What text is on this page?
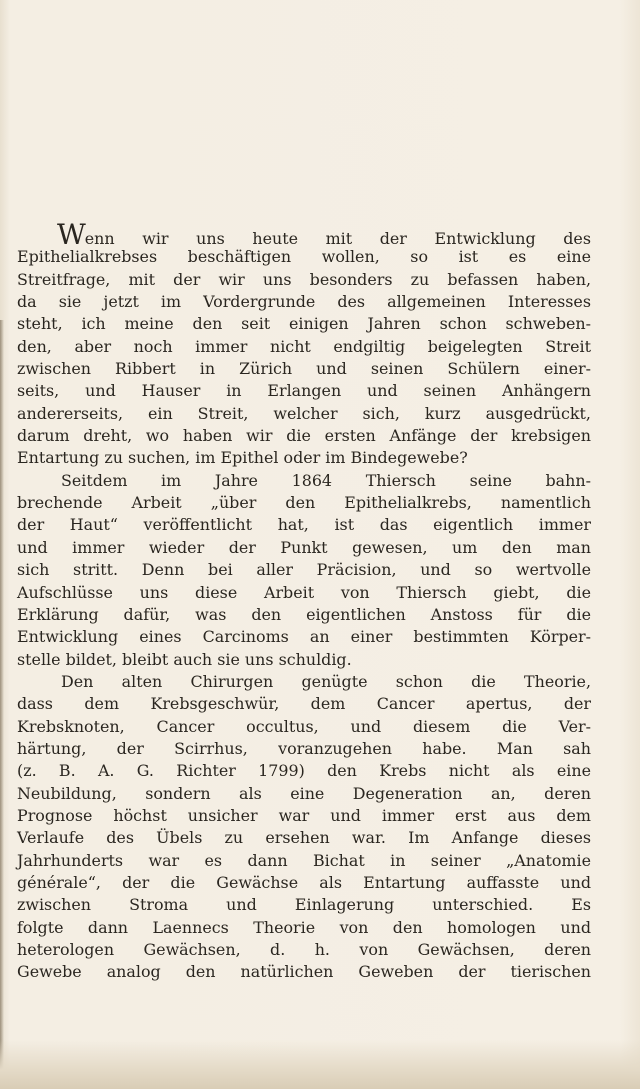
Wenn wir uns heute mit der Entwicklung des
Epithelialkrebses beschäftigen wollen, so ist es eine
Streitfrage, mit der wir uns besonders zu befassen haben,
da sie jetzt im Vordergrunde des allgemeinen Interesses
steht, ich meine den seit einigen Jahren schon schweben-
den, aber noch immer nicht endgiltig beigelegten Streit
zwischen Ribbert in Zürich und seinen Schülern einer-
seits, und Hauser in Erlangen und seinen Anhängern
andererseits, ein Streit, welcher sich, kurz ausgedrückt,
darum dreht, wo haben wir die ersten Anfänge der krebsigen
Entartung zu suchen, im Epithel oder im Bindegewebe?
Seitdem im Jahre 1864 Thiersch seine bahn-
brechende Arbeit „über den Epithelialkrebs, namentlich
der Haut“ veröffentlicht hat, ist das eigentlich immer
und immer wieder der Punkt gewesen, um den man
sich stritt. Denn bei aller Präcision, und so wertvolle
Aufschlüsse uns diese Arbeit von Thiersch giebt, die
Erklärung dafür, was den eigentlichen Anstoss für die
Entwicklung eines Carcinoms an einer bestimmten Körper-
stelle bildet, bleibt auch sie uns schuldig.
Den alten Chirurgen genügte schon die Theorie,
dass dem Krebsgeschwür, dem Cancer apertus, der
Krebsknoten, Cancer occultus, und diesem die Ver-
härtung, der Scirrhus, voranzugehen habe. Man sah
(z. B. A. G. Richter 1799) den Krebs nicht als eine
Neubildung, sondern als eine Degeneration an, deren
Prognose höchst unsicher war und immer erst aus dem
Verlaufe des Übels zu ersehen war. Im Anfange dieses
Jahrhunderts war es dann Bichat in seiner „Anatomie
générale“, der die Gewächse als Entartung auffasste und
zwischen Stroma und Einlagerung unterschied. Es
folgte dann Laennecs Theorie von den homologen und
heterologen Gewächsen, d. h. von Gewächsen, deren
Gewebe analog den natürlichen Geweben der tierischen
